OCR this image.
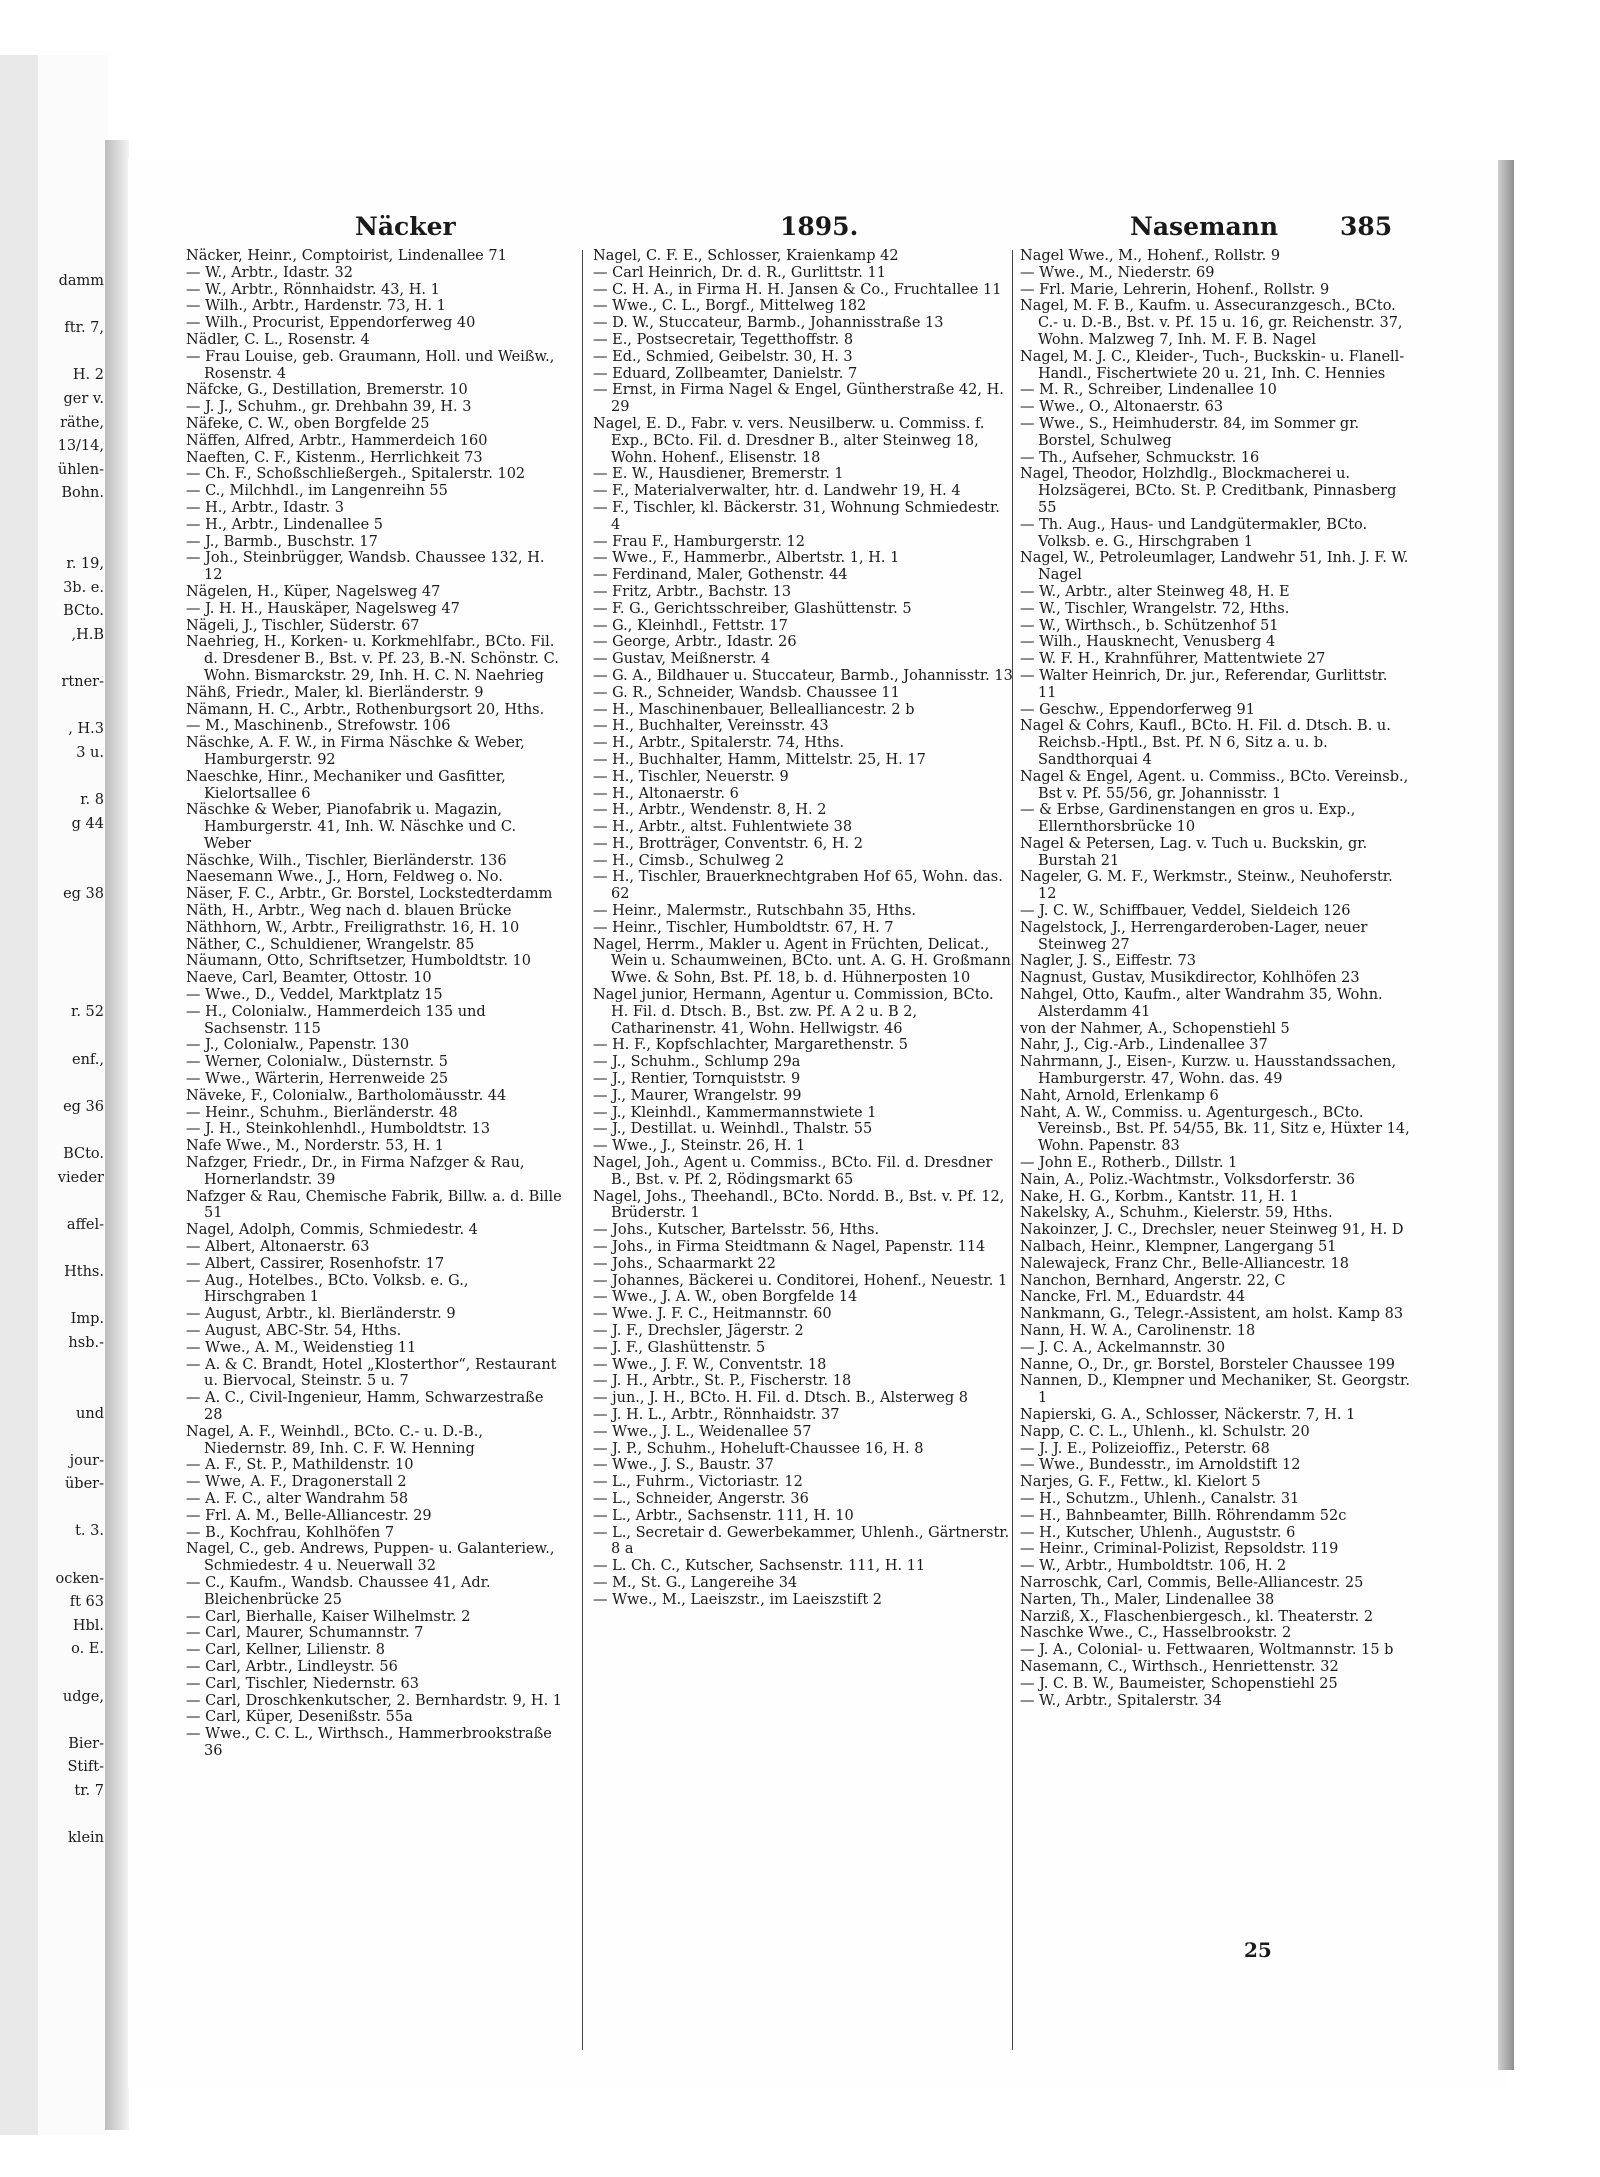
damm

ftr. 7,

H. 2
ger v.
räthe,
13/14,
ühlen-
Bohn.

r. 19,
3b. e.
BCto.
,H.B

rtner-

, H.3
3 u.

r. 8
g 44

eg 38

r. 52

enf.,

eg 36

BCto.
vieder

affel-

Hths.

Imp.
hsb.-

und

jour-
über-

t. 3.

ocken-
ft 63
Hbl.
o. E.

udge,

Bier-
Stift-
tr. 7

klein
Näcker	1895.	Nasemann 385

Näcker, Heinr., Comptoirist, Lindenallee 71

— W., Arbtr., Idastr. 32

— W., Arbtr., Rönnhaidstr. 43, H. 1

— Wilh., Arbtr., Hardenstr. 73, H. 1

— Wilh., Procurist, Eppendorferweg 40

Nädler, C. L., Rosenstr. 4

— Frau Louise, geb. Graumann, Holl. und Weißw., Rosenstr. 4

Näfcke, G., Destillation, Bremerstr. 10

— J. J., Schuhm., gr. Drehbahn 39, H. 3

Näfeke, C. W., oben Borgfelde 25

Näffen, Alfred, Arbtr., Hammerdeich 160

Naeften, C. F., Kistenm., Herrlichkeit 73

— Ch. F., Schoßschließergeh., Spitalerstr. 102

— C., Milchhdl., im Langenreihn 55

— H., Arbtr., Idastr. 3

— H., Arbtr., Lindenallee 5

— J., Barmb., Buschstr. 17

— Joh., Steinbrügger, Wandsb. Chaussee 132, H. 12

Nägelen, H., Küper, Nagelsweg 47

— J. H. H., Hauskäper, Nagelsweg 47

Nägeli, J., Tischler, Süderstr. 67

Naehrieg, H., Korken- u. Korkmehlfabr., BCto. Fil. d. Dresdener B., Bst. v. Pf. 23, B.-N. Schönstr. C. Wohn. Bismarckstr. 29, Inh. H. C. N. Naehrieg

Nähß, Friedr., Maler, kl. Bierländerstr. 9

Nämann, H. C., Arbtr., Rothenburgsort 20, Hths.

— M., Maschinenb., Strefowstr. 106

Näschke, A. F. W., in Firma Näschke & Weber, Hamburgerstr. 92

Naeschke, Hinr., Mechaniker und Gasfitter, Kielortsallee 6

Näschke & Weber, Pianofabrik u. Magazin, Hamburgerstr. 41, Inh. W. Näschke und C. Weber

Näschke, Wilh., Tischler, Bierländerstr. 136

Naesemann Wwe., J., Horn, Feldweg o. No.

Näser, F. C., Arbtr., Gr. Borstel, Lockstedterdamm

Näth, H., Arbtr., Weg nach d. blauen Brücke

Näthhorn, W., Arbtr., Freiligrathstr. 16, H. 10

Näther, C., Schuldiener, Wrangelstr. 85

Näumann, Otto, Schriftsetzer, Humboldtstr. 10

Naeve, Carl, Beamter, Ottostr. 10

— Wwe., D., Veddel, Marktplatz 15

— H., Colonialw., Hammerdeich 135 und Sachsenstr. 115

— J., Colonialw., Papenstr. 130

— Werner, Colonialw., Düsternstr. 5

— Wwe., Wärterin, Herrenweide 25

Näveke, F., Colonialw., Bartholomäusstr. 44

— Heinr., Schuhm., Bierländerstr. 48

— J. H., Steinkohlenhdl., Humboldtstr. 13

Nafe Wwe., M., Norderstr. 53, H. 1

Nafzger, Friedr., Dr., in Firma Nafzger & Rau, Hornerlandstr. 39

Nafzger & Rau, Chemische Fabrik, Billw. a. d. Bille 51

Nagel, Adolph, Commis, Schmiedestr. 4

— Albert, Altonaerstr. 63

— Albert, Cassirer, Rosenhofstr. 17

— Aug., Hotelbes., BCto. Volksb. e. G., Hirschgraben 1

— August, Arbtr., kl. Bierländerstr. 9

— August, ABC-Str. 54, Hths.

— Wwe., A. M., Weidenstieg 11

— A. & C. Brandt, Hotel „Klosterthor“, Restaurant u. Biervocal, Steinstr. 5 u. 7

— A. C., Civil-Ingenieur, Hamm, Schwarzestraße 28

Nagel, A. F., Weinhdl., BCto. C.- u. D.-B., Niedernstr. 89, Inh. C. F. W. Henning

— A. F., St. P., Mathildenstr. 10

— Wwe, A. F., Dragonerstall 2

— A. F. C., alter Wandrahm 58

— Frl. A. M., Belle-Alliancestr. 29

— B., Kochfrau, Kohlhöfen 7

Nagel, C., geb. Andrews, Puppen- u. Galanteriew., Schmiedestr. 4 u. Neuerwall 32

— C., Kaufm., Wandsb. Chaussee 41, Adr. Bleichenbrücke 25

— Carl, Bierhalle, Kaiser Wilhelmstr. 2

— Carl, Maurer, Schumannstr. 7

— Carl, Kellner, Lilienstr. 8

— Carl, Arbtr., Lindleystr. 56

— Carl, Tischler, Niedernstr. 63

— Carl, Droschkenkutscher, 2. Bernhardstr. 9, H. 1

— Carl, Küper, Desenißstr. 55a

— Wwe., C. C. L., Wirthsch., Hammerbrookstraße 36

Nagel, C. F. E., Schlosser, Kraienkamp 42

— Carl Heinrich, Dr. d. R., Gurlittstr. 11

— C. H. A., in Firma H. H. Jansen & Co., Fruchtallee 11

— Wwe., C. L., Borgf., Mittelweg 182

— D. W., Stuccateur, Barmb., Johannisstraße 13

— E., Postsecretair, Tegetthoffstr. 8

— Ed., Schmied, Geibelstr. 30, H. 3

— Eduard, Zollbeamter, Danielstr. 7

— Ernst, in Firma Nagel & Engel, Güntherstraße 42, H. 29

Nagel, E. D., Fabr. v. vers. Neusilberw. u. Commiss. f. Exp., BCto. Fil. d. Dresdner B., alter Steinweg 18, Wohn. Hohenf., Elisenstr. 18

— E. W., Hausdiener, Bremerstr. 1

— F., Materialverwalter, htr. d. Landwehr 19, H. 4

— F., Tischler, kl. Bäckerstr. 31, Wohnung Schmiedestr. 4

— Frau F., Hamburgerstr. 12

— Wwe., F., Hammerbr., Albertstr. 1, H. 1

— Ferdinand, Maler, Gothenstr. 44

— Fritz, Arbtr., Bachstr. 13

— F. G., Gerichtsschreiber, Glashüttenstr. 5

— G., Kleinhdl., Fettstr. 17

— George, Arbtr., Idastr. 26

— Gustav, Meißnerstr. 4

— G. A., Bildhauer u. Stuccateur, Barmb., Johannisstr. 13

— G. R., Schneider, Wandsb. Chaussee 11

— H., Maschinenbauer, Bellealliancestr. 2 b

— H., Buchhalter, Vereinsstr. 43

— H., Arbtr., Spitalerstr. 74, Hths.

— H., Buchhalter, Hamm, Mittelstr. 25, H. 17

— H., Tischler, Neuerstr. 9

— H., Altonaerstr. 6

— H., Arbtr., Wendenstr. 8, H. 2

— H., Arbtr., altst. Fuhlentwiete 38

— H., Brotträger, Conventstr. 6, H. 2

— H., Cimsb., Schulweg 2

— H., Tischler, Brauerknechtgraben Hof 65, Wohn. das. 62

— Heinr., Malermstr., Rutschbahn 35, Hths.

— Heinr., Tischler, Humboldtstr. 67, H. 7

Nagel, Herrm., Makler u. Agent in Früchten, Delicat., Wein u. Schaumweinen, BCto. unt. A. G. H. Großmann Wwe. & Sohn, Bst. Pf. 18, b. d. Hühnerposten 10

Nagel junior, Hermann, Agentur u. Commission, BCto. H. Fil. d. Dtsch. B., Bst. zw. Pf. A 2 u. B 2, Catharinenstr. 41, Wohn. Hellwigstr. 46

— H. F., Kopfschlachter, Margarethenstr. 5

— J., Schuhm., Schlump 29a

— J., Rentier, Tornquiststr. 9

— J., Maurer, Wrangelstr. 99

— J., Kleinhdl., Kammermannstwiete 1

— J., Destillat. u. Weinhdl., Thalstr. 55

— Wwe., J., Steinstr. 26, H. 1

Nagel, Joh., Agent u. Commiss., BCto. Fil. d. Dresdner B., Bst. v. Pf. 2, Rödingsmarkt 65

Nagel, Johs., Theehandl., BCto. Nordd. B., Bst. v. Pf. 12, Brüderstr. 1

— Johs., Kutscher, Bartelsstr. 56, Hths.

— Johs., in Firma Steidtmann & Nagel, Papenstr. 114

— Johs., Schaarmarkt 22

— Johannes, Bäckerei u. Conditorei, Hohenf., Neuestr. 1

— Wwe., J. A. W., oben Borgfelde 14

— Wwe. J. F. C., Heitmannstr. 60

— J. F., Drechsler, Jägerstr. 2

— J. F., Glashüttenstr. 5

— Wwe., J. F. W., Conventstr. 18

— J. H., Arbtr., St. P., Fischerstr. 18

— jun., J. H., BCto. H. Fil. d. Dtsch. B., Alsterweg 8

— J. H. L., Arbtr., Rönnhaidstr. 37

— Wwe., J. L., Weidenallee 57

— J. P., Schuhm., Hoheluft-Chaussee 16, H. 8

— Wwe., J. S., Baustr. 37

— L., Fuhrm., Victoriastr. 12

— L., Schneider, Angerstr. 36

— L., Arbtr., Sachsenstr. 111, H. 10

— L., Secretair d. Gewerbekammer, Uhlenh., Gärtnerstr. 8 a

— L. Ch. C., Kutscher, Sachsenstr. 111, H. 11

— M., St. G., Langereihe 34

— Wwe., M., Laeiszstr., im Laeiszstift 2

Nagel Wwe., M., Hohenf., Rollstr. 9

— Wwe., M., Niederstr. 69

— Frl. Marie, Lehrerin, Hohenf., Rollstr. 9

Nagel, M. F. B., Kaufm. u. Assecuranzgesch., BCto. C.- u. D.-B., Bst. v. Pf. 15 u. 16, gr. Reichenstr. 37, Wohn. Malzweg 7, Inh. M. F. B. Nagel

Nagel, M. J. C., Kleider-, Tuch-, Buckskin- u. Flanell-Handl., Fischertwiete 20 u. 21, Inh. C. Hennies

— M. R., Schreiber, Lindenallee 10

— Wwe., O., Altonaerstr. 63

— Wwe., S., Heimhuderstr. 84, im Sommer gr. Borstel, Schulweg

— Th., Aufseher, Schmuckstr. 16

Nagel, Theodor, Holzhdlg., Blockmacherei u. Holzsägerei, BCto. St. P. Creditbank, Pinnasberg 55

— Th. Aug., Haus- und Landgütermakler, BCto. Volksb. e. G., Hirschgraben 1

Nagel, W., Petroleumlager, Landwehr 51, Inh. J. F. W. Nagel

— W., Arbtr., alter Steinweg 48, H. E

— W., Tischler, Wrangelstr. 72, Hths.

— W., Wirthsch., b. Schützenhof 51

— Wilh., Hausknecht, Venusberg 4

— W. F. H., Krahnführer, Mattentwiete 27

— Walter Heinrich, Dr. jur., Referendar, Gurlittstr. 11

— Geschw., Eppendorferweg 91

Nagel & Cohrs, Kaufl., BCto. H. Fil. d. Dtsch. B. u. Reichsb.-Hptl., Bst. Pf. N 6, Sitz a. u. b. Sandthorquai 4

Nagel & Engel, Agent. u. Commiss., BCto. Vereinsb., Bst v. Pf. 55/56, gr. Johannisstr. 1

— & Erbse, Gardinenstangen en gros u. Exp., Ellernthorsbrücke 10

Nagel & Petersen, Lag. v. Tuch u. Buckskin, gr. Burstah 21

Nageler, G. M. F., Werkmstr., Steinw., Neuhoferstr. 12

— J. C. W., Schiffbauer, Veddel, Sieldeich 126

Nagelstock, J., Herrengarderoben-Lager, neuer Steinweg 27

Nagler, J. S., Eiffestr. 73

Nagnust, Gustav, Musikdirector, Kohlhöfen 23

Nahgel, Otto, Kaufm., alter Wandrahm 35, Wohn. Alsterdamm 41

von der Nahmer, A., Schopenstiehl 5

Nahr, J., Cig.-Arb., Lindenallee 37

Nahrmann, J., Eisen-, Kurzw. u. Hausstandssachen, Hamburgerstr. 47, Wohn. das. 49

Naht, Arnold, Erlenkamp 6

Naht, A. W., Commiss. u. Agenturgesch., BCto. Vereinsb., Bst. Pf. 54/55, Bk. 11, Sitz e, Hüxter 14, Wohn. Papenstr. 83

— John E., Rotherb., Dillstr. 1

Nain, A., Poliz.-Wachtmstr., Volksdorferstr. 36

Nake, H. G., Korbm., Kantstr. 11, H. 1

Nakelsky, A., Schuhm., Kielerstr. 59, Hths.

Nakoinzer, J. C., Drechsler, neuer Steinweg 91, H. D

Nalbach, Heinr., Klempner, Langergang 51

Nalewajeck, Franz Chr., Belle-Alliancestr. 18

Nanchon, Bernhard, Angerstr. 22, C

Nancke, Frl. M., Eduardstr. 44

Nankmann, G., Telegr.-Assistent, am holst. Kamp 83

Nann, H. W. A., Carolinenstr. 18

— J. C. A., Ackelmannstr. 30

Nanne, O., Dr., gr. Borstel, Borsteler Chaussee 199

Nannen, D., Klempner und Mechaniker, St. Georgstr. 1

Napierski, G. A., Schlosser, Näckerstr. 7, H. 1

Napp, C. C. L., Uhlenh., kl. Schulstr. 20

— J. J. E., Polizeioffiz., Peterstr. 68

— Wwe., Bundesstr., im Arnoldstift 12

Narjes, G. F., Fettw., kl. Kielort 5

— H., Schutzm., Uhlenh., Canalstr. 31

— H., Bahnbeamter, Billh. Röhrendamm 52c

— H., Kutscher, Uhlenh., Auguststr. 6

— Heinr., Criminal-Polizist, Repsoldstr. 119

— W., Arbtr., Humboldtstr. 106, H. 2

Narroschk, Carl, Commis, Belle-Alliancestr. 25

Narten, Th., Maler, Lindenallee 38

Narziß, X., Flaschenbiergesch., kl. Theaterstr. 2

Naschke Wwe., C., Hasselbrookstr. 2

— J. A., Colonial- u. Fettwaaren, Woltmannstr. 15 b

Nasemann, C., Wirthsch., Henriettenstr. 32

— J. C. B. W., Baumeister, Schopenstiehl 25

— W., Arbtr., Spitalerstr. 34

25
